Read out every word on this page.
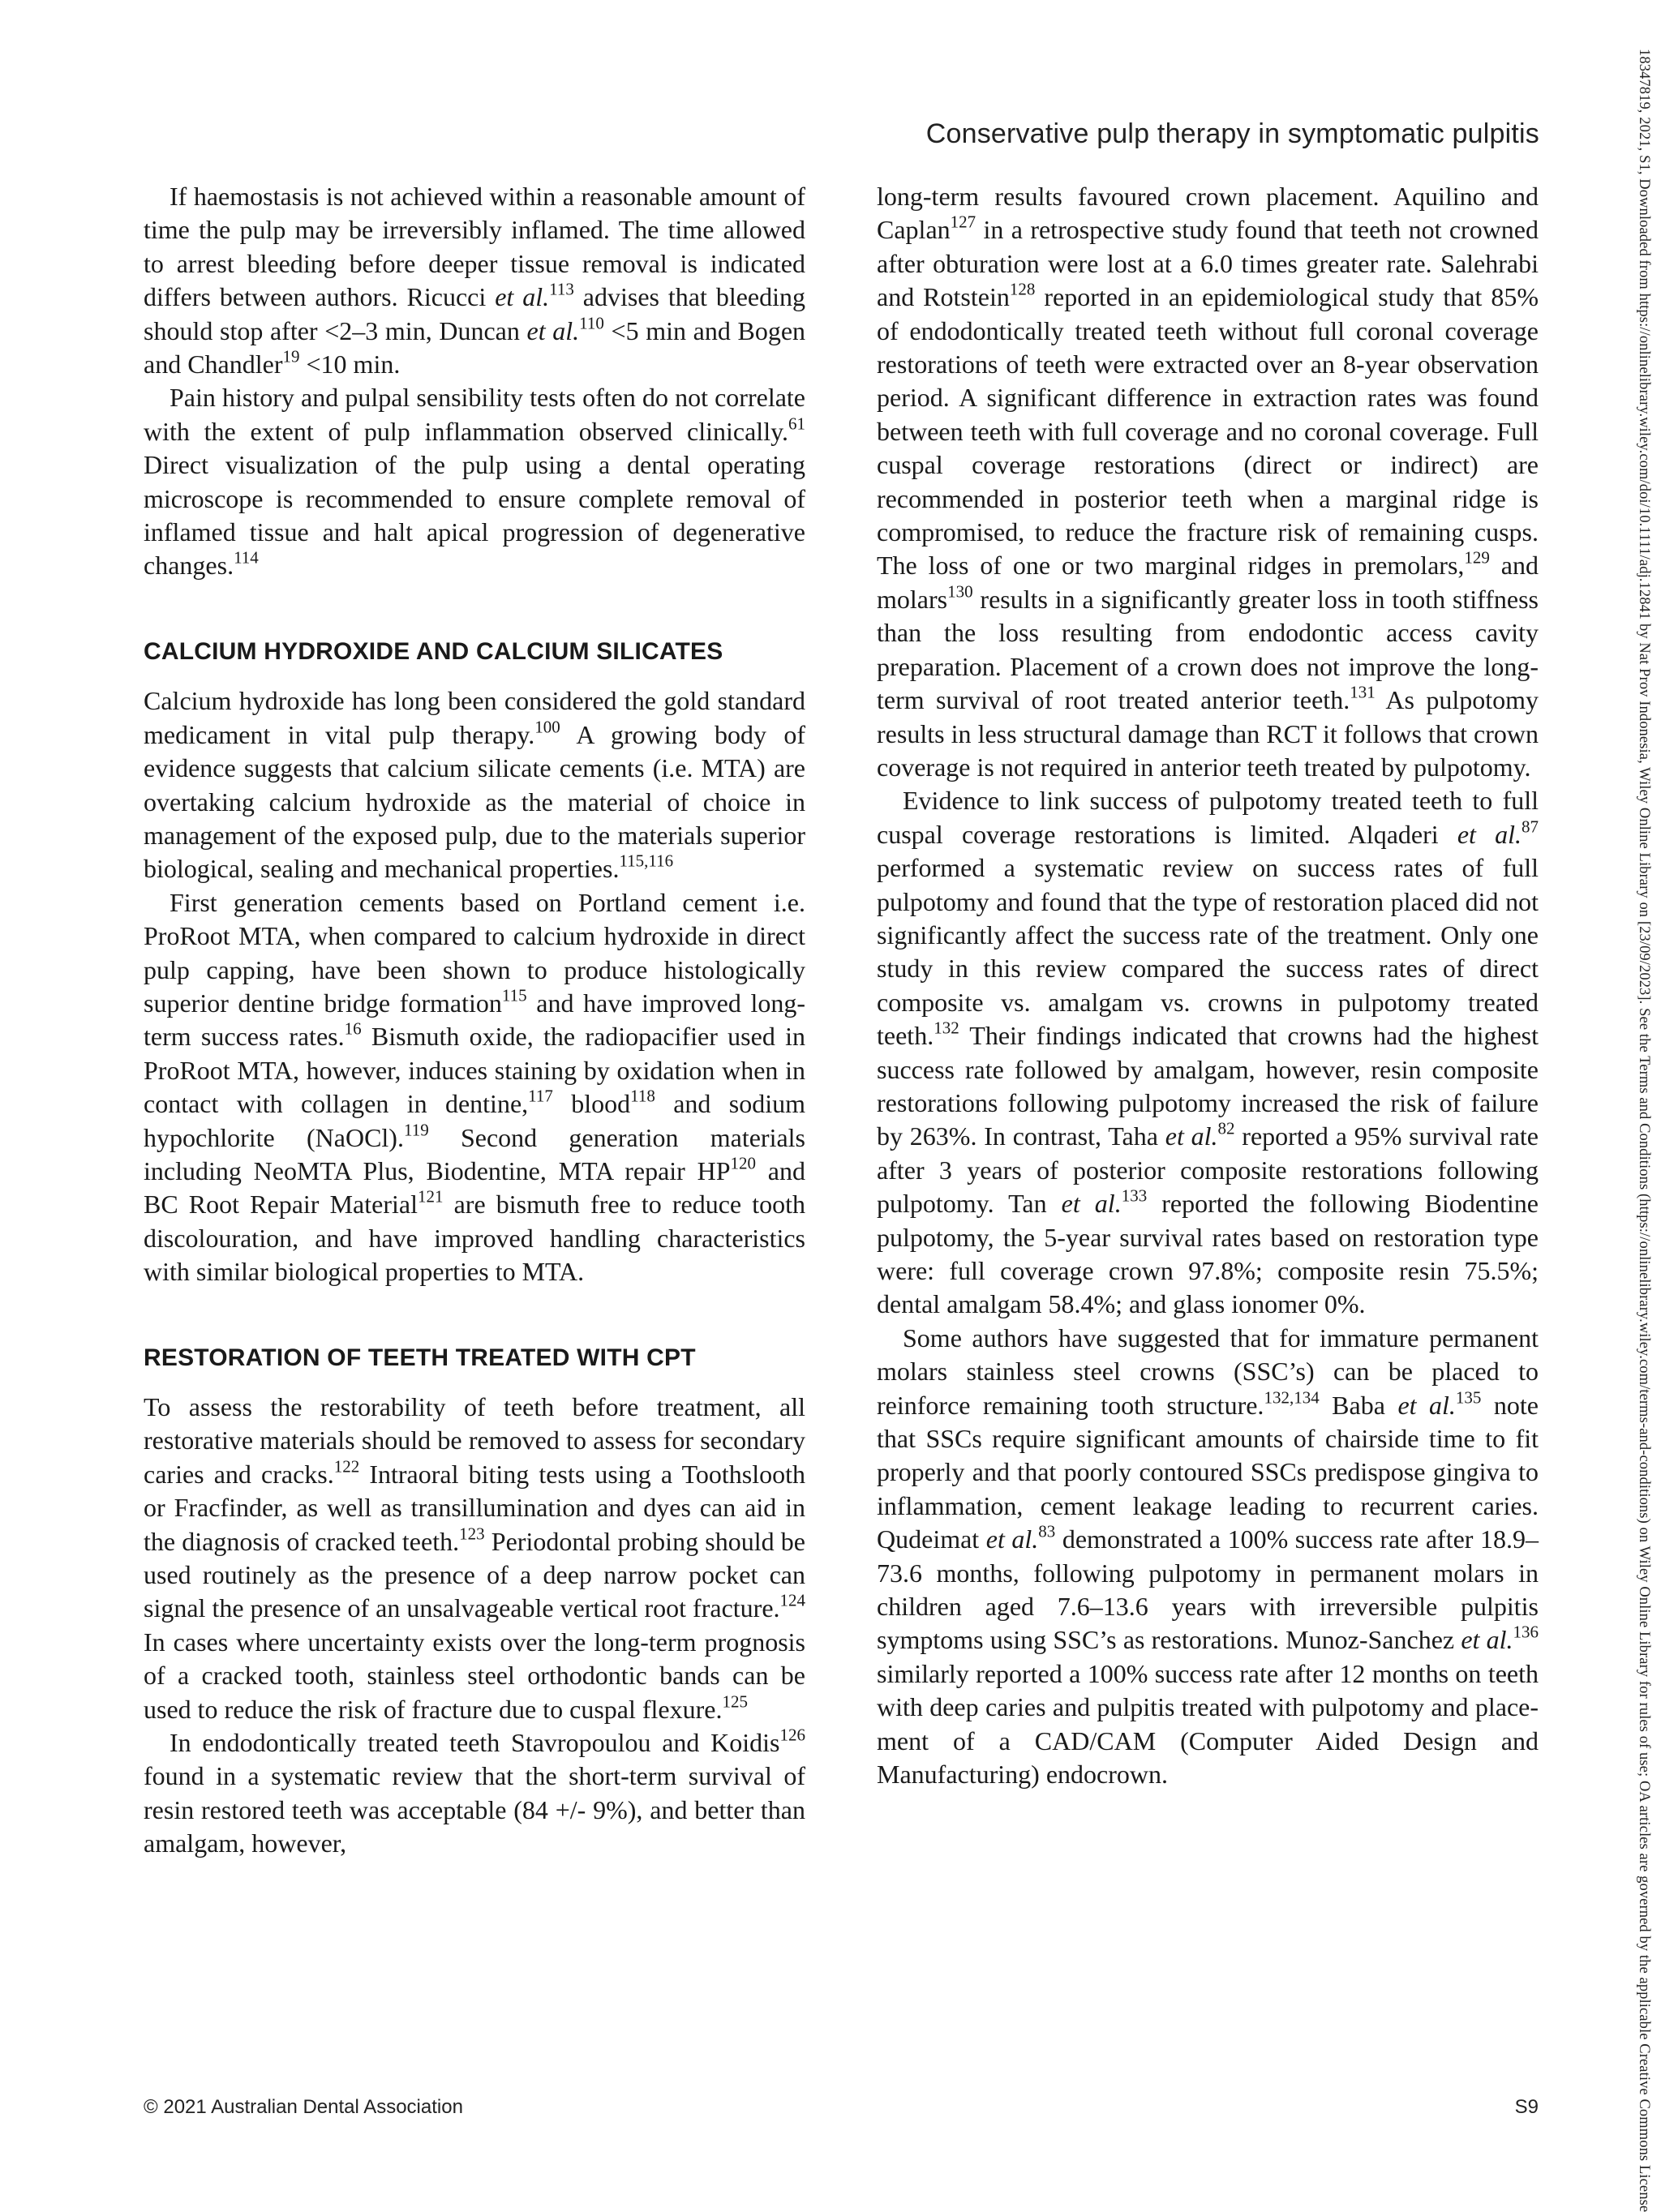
Conservative pulp therapy in symptomatic pulpitis	18347819, 2021, S1, Downloaded from https://onlinelibrary.wiley.com/doi/10.1111/adj.12841 by Nat Prov Indonesia, Wiley Online Library on [23/09/2023]. See the Terms and Conditions (https://onlinelibrary.wiley.com/terms-and-conditions) on Wiley Online Library for rules of use; OA articles are governed by the applicable Creative Commons License

If haemostasis is not achieved within a reasonable amount of time the pulp may be irreversibly inflamed. The time allowed to arrest bleeding before deeper tissue removal is indicated differs between authors. Ricucci et al.$^{113}$ advises that bleeding should stop after <2–3 min, Duncan et al.$^{110}$ <5 min and Bogen and Chandler$^{19}$ <10 min.

Pain history and pulpal sensibility tests often do not correlate with the extent of pulp inflammation observed clinically.$^{61}$ Direct visualization of the pulp using a dental operating microscope is recommended to ensure complete removal of inflamed tissue and halt apical progression of degenerative changes.$^{114}$

CALCIUM HYDROXIDE AND CALCIUM SILICATES

Calcium hydroxide has long been considered the gold standard medicament in vital pulp therapy.$^{100}$ A growing body of evidence suggests that calcium silicate cements (i.e. MTA) are overtaking calcium hydroxide as the material of choice in management of the exposed pulp, due to the materials superior biological, sealing and mechanical properties.$^{115,116}$

First generation cements based on Portland cement i.e. ProRoot MTA, when compared to calcium hydroxide in direct pulp capping, have been shown to produce histologically superior dentine bridge formation$^{115}$ and have improved long-term success rates.$^{16}$ Bismuth oxide, the radiopacifier used in ProRoot MTA, however, induces staining by oxidation when in contact with collagen in dentine,$^{117}$ blood$^{118}$ and sodium hypochlorite (NaOCl).$^{119}$ Second generation materials including NeoMTA Plus, Biodentine, MTA repair HP$^{120}$ and BC Root Repair Material$^{121}$ are bismuth free to reduce tooth discolouration, and have improved handling characteristics with similar biological properties to MTA.

RESTORATION OF TEETH TREATED WITH CPT

To assess the restorability of teeth before treatment, all restorative materials should be removed to assess for secondary caries and cracks.$^{122}$ Intraoral biting tests using a Toothslooth or Fracfinder, as well as transillumination and dyes can aid in the diagnosis of cracked teeth.$^{123}$ Periodontal probing should be used routinely as the presence of a deep narrow pocket can signal the presence of an unsalvageable vertical root fracture.$^{124}$ In cases where uncertainty exists over the long-term prognosis of a cracked tooth, stainless steel orthodontic bands can be used to reduce the risk of fracture due to cuspal flexure.$^{125}$

In endodontically treated teeth Stavropoulou and Koidis$^{126}$ found in a systematic review that the short-term survival of resin restored teeth was acceptable (84 +/- 9%), and better than amalgam, however,

long-term results favoured crown placement. Aquilino and Caplan$^{127}$ in a retrospective study found that teeth not crowned after obturation were lost at a 6.0 times greater rate. Salehrabi and Rotstein$^{128}$ reported in an epidemiological study that 85% of endodontically treated teeth without full coronal coverage restorations of teeth were extracted over an 8-year observation period. A significant difference in extraction rates was found between teeth with full coverage and no coronal coverage. Full cuspal coverage restorations (direct or indirect) are recommended in posterior teeth when a marginal ridge is compromised, to reduce the fracture risk of remaining cusps. The loss of one or two marginal ridges in premolars,$^{129}$ and molars$^{130}$ results in a significantly greater loss in tooth stiffness than the loss resulting from endodontic access cavity preparation. Placement of a crown does not improve the long-term survival of root treated anterior teeth.$^{131}$ As pulpotomy results in less structural damage than RCT it follows that crown coverage is not required in anterior teeth treated by pulpotomy.

Evidence to link success of pulpotomy treated teeth to full cuspal coverage restorations is limited. Alqaderi et al.$^{87}$ performed a systematic review on success rates of full pulpotomy and found that the type of restoration placed did not significantly affect the success rate of the treatment. Only one study in this review compared the success rates of direct composite vs. amalgam vs. crowns in pulpotomy treated teeth.$^{132}$ Their findings indicated that crowns had the highest success rate followed by amalgam, however, resin composite restorations following pulpotomy increased the risk of failure by 263%. In contrast, Taha et al.$^{82}$ reported a 95% survival rate after 3 years of posterior composite restorations following pulpotomy. Tan et al.$^{133}$ reported the following Biodentine pulpotomy, the 5-year survival rates based on restoration type were: full coverage crown 97.8%; composite resin 75.5%; dental amalgam 58.4%; and glass ionomer 0%.

Some authors have suggested that for immature permanent molars stainless steel crowns (SSC’s) can be placed to reinforce remaining tooth structure.$^{132,134}$ Baba et al.$^{135}$ note that SSCs require significant amounts of chairside time to fit properly and that poorly contoured SSCs predispose gingiva to inflammation, cement leakage leading to recurrent caries. Qudeimat et al.$^{83}$ demonstrated a 100% success rate after 18.9–73.6 months, following pulpotomy in permanent molars in children aged 7.6–13.6 years with irreversible pulpitis symptoms using SSC’s as restorations. Munoz-Sanchez et al.$^{136}$ similarly reported a 100% success rate after 12 months on teeth with deep caries and pulpitis treated with pulpotomy and placement of a CAD/CAM (Computer Aided Design and Manufacturing) endocrown.

© 2021 Australian Dental Association	S9
